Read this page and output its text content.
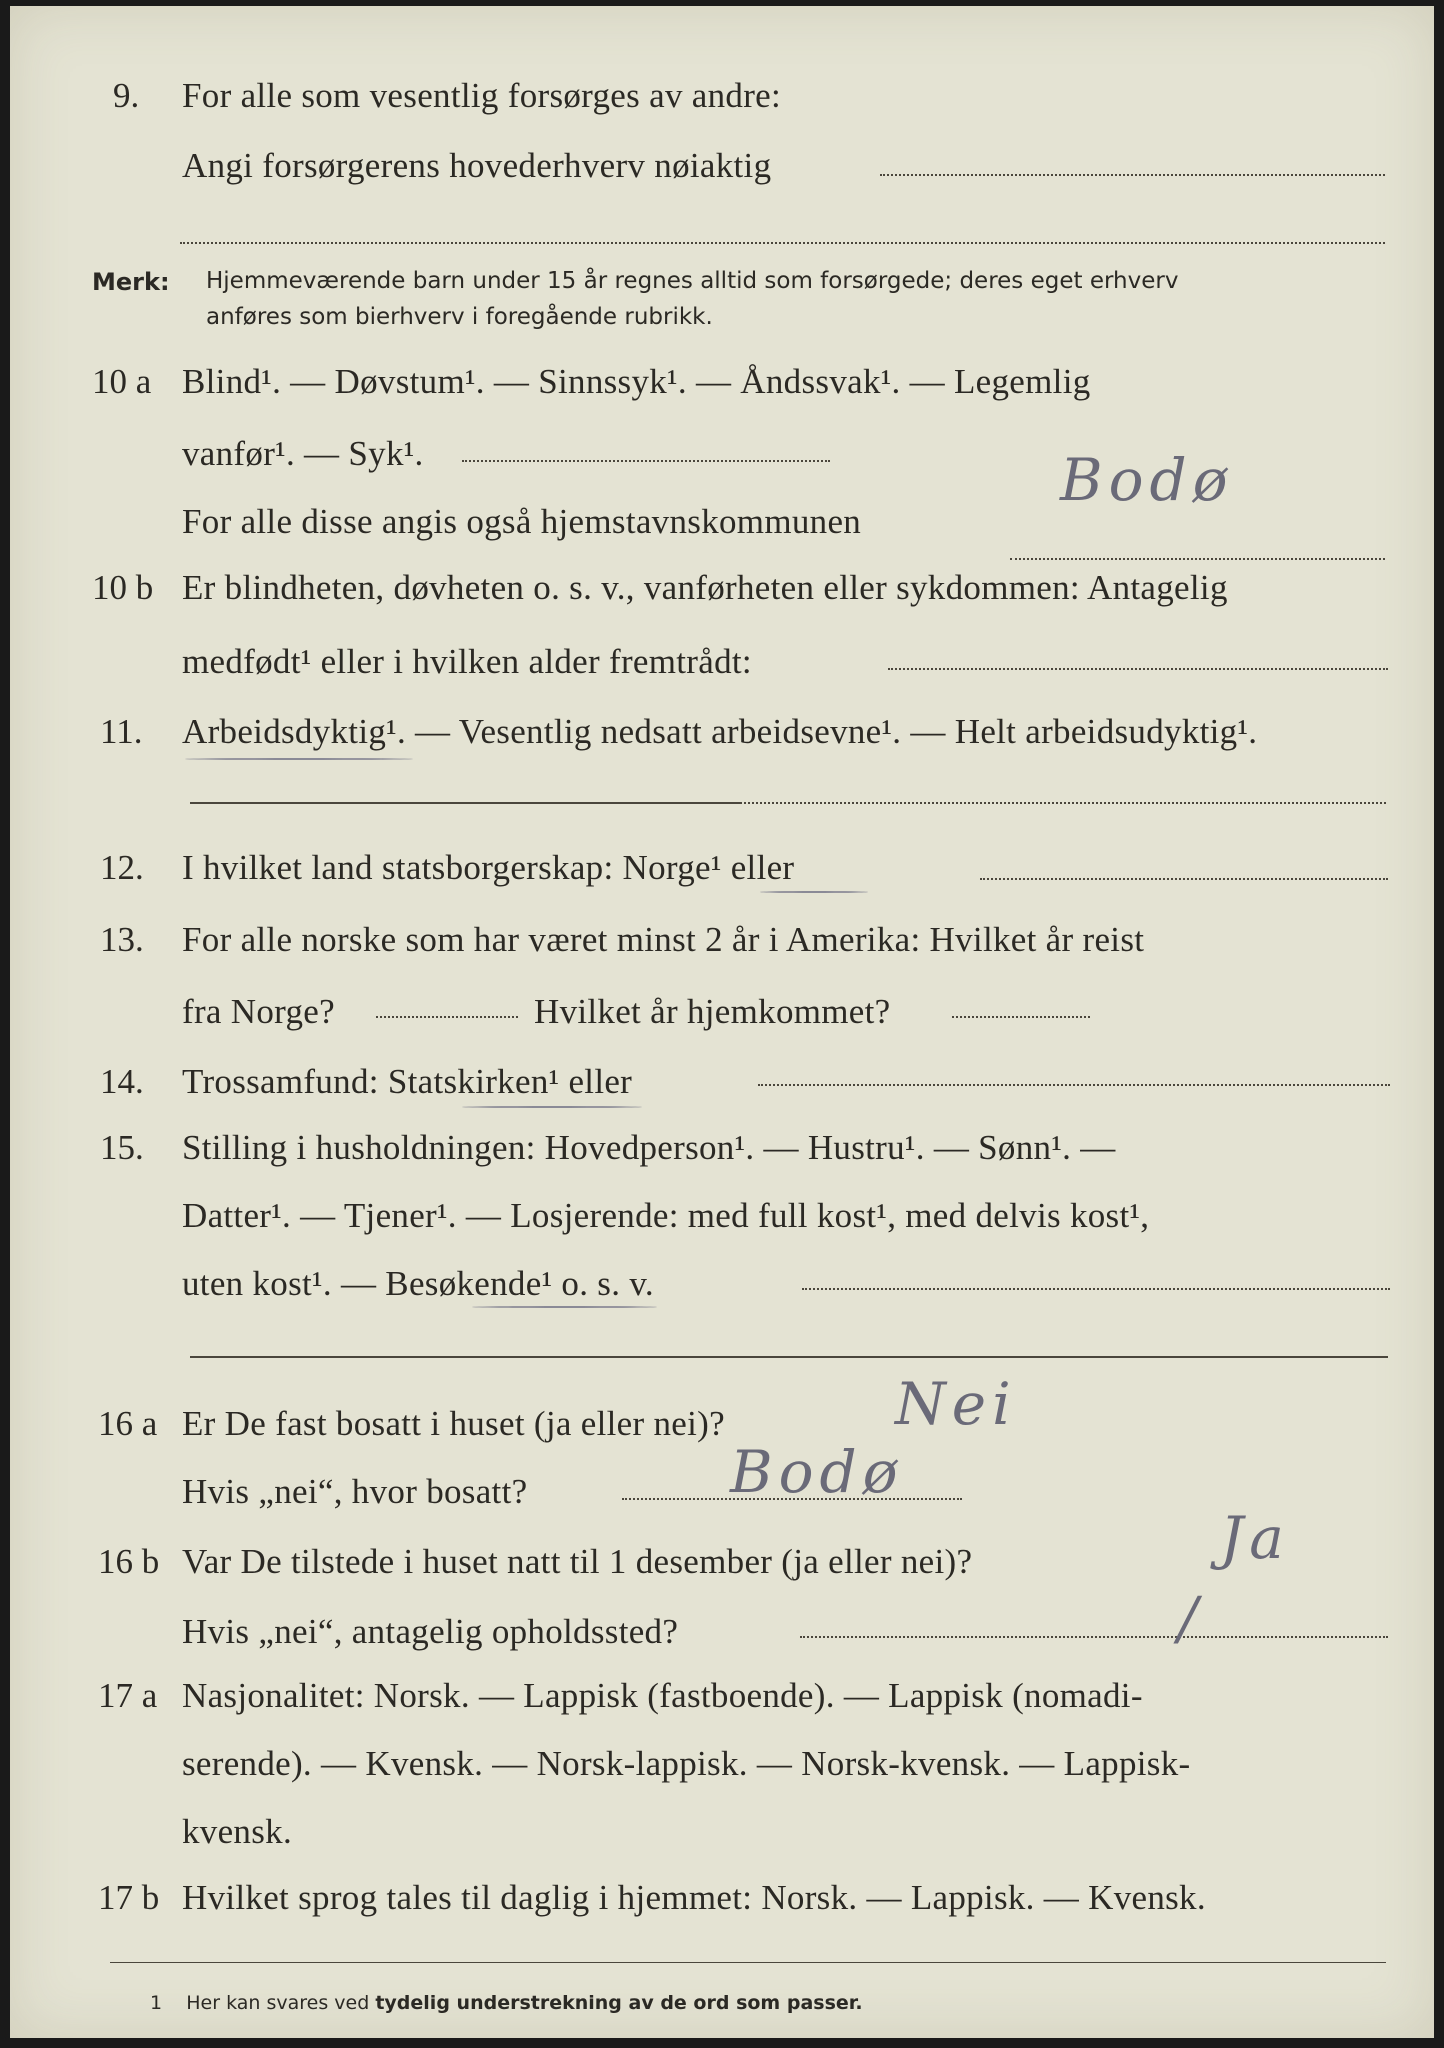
9. For alle som vesentlig forsørges av andre:
Angi forsørgerens hovederhverv nøiaktig
Merk: Hjemmeværende barn under 15 år regnes alltid som forsørgede; deres eget erhverv
anføres som bierhverv i foregående rubrikk.
10 a Blind¹. — Døvstum¹. — Sinnssyk¹. — Åndssvak¹. — Legemlig
vanfør¹. — Syk¹.
For alle disse angis også hjemstavnskommunen
Bodø
10 b Er blindheten, døvheten o. s. v., vanførheten eller sykdommen: Antagelig
medfødt¹ eller i hvilken alder fremtrådt:
11. Arbeidsdyktig¹. — Vesentlig nedsatt arbeidsevne¹. — Helt arbeidsudyktig¹.
12. I hvilket land statsborgerskap: Norge¹ eller
13. For alle norske som har været minst 2 år i Amerika: Hvilket år reist
fra Norge?	Hvilket år hjemkommet?
14. Trossamfund: Statskirken¹ eller
15. Stilling i husholdningen: Hovedperson¹. — Hustru¹. — Sønn¹. —
Datter¹. — Tjener¹. — Losjerende: med full kost¹, med delvis kost¹,
uten kost¹. — Besøkende¹ o. s. v.
16 a Er De fast bosatt i huset (ja eller nei)?	Nei
Hvis „nei“, hvor bosatt?	Bodø
16 b Var De tilstede i huset natt til 1 desember (ja eller nei)?	Ja
Hvis „nei“, antagelig opholdssted?	/
17 a Nasjonalitet: Norsk. — Lappisk (fastboende). — Lappisk (nomadi-
serende). — Kvensk. — Norsk-lappisk. — Norsk-kvensk. — Lappisk-
kvensk.
17 b Hvilket sprog tales til daglig i hjemmet: Norsk. — Lappisk. — Kvensk.
1 Her kan svares ved tydelig understrekning av de ord som passer.
